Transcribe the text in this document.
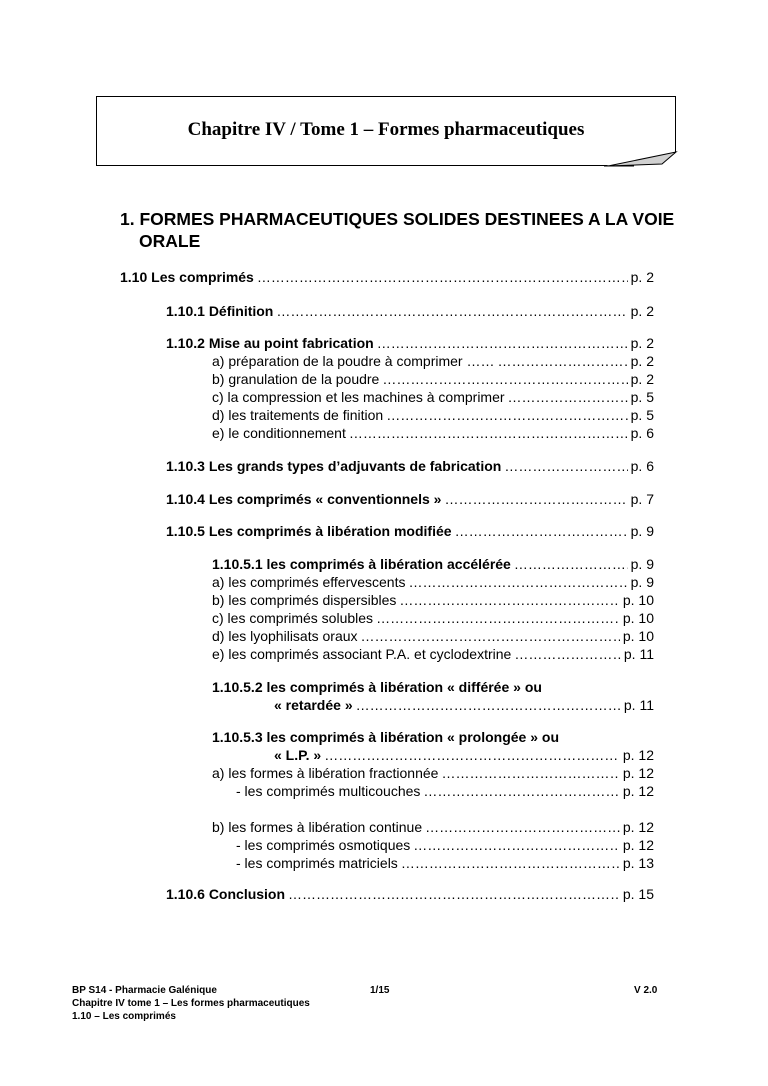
Chapitre IV / Tome 1 – Formes pharmaceutiques
1. FORMES PHARMACEUTIQUES SOLIDES DESTINEES A LA VOIE
ORALE
1.10 Les comprimés ……………………………………………………………………………………………………………………………………………………	p. 2
1.10.1 Définition ……………………………………………………………………………………………………………………………………………………	p. 2
1.10.2 Mise au point fabrication ……………………………………………………………………………………………………………………………………………………	p. 2
a) préparation de la poudre à comprimer …… ……………………………………………………………………………………………………………………………………………………	p. 2
b) granulation de la poudre ……………………………………………………………………………………………………………………………………………………	p. 2
c) la compression et les machines à comprimer ……………………………………………………………………………………………………………………………………………………	p. 5
d) les traitements de finition ……………………………………………………………………………………………………………………………………………………	p. 5
e) le conditionnement ……………………………………………………………………………………………………………………………………………………	p. 6
1.10.3 Les grands types d’adjuvants de fabrication ……………………………………………………………………………………………………………………………………………………	p. 6
1.10.4 Les comprimés « conventionnels » ……………………………………………………………………………………………………………………………………………………	p. 7
1.10.5 Les comprimés à libération modifiée ……………………………………………………………………………………………………………………………………………………	p. 9
1.10.5.1 les comprimés à libération accélérée ……………………………………………………………………………………………………………………………………………………	p. 9
a) les comprimés effervescents ……………………………………………………………………………………………………………………………………………………	p. 9
b) les comprimés dispersibles ……………………………………………………………………………………………………………………………………………………	p. 10
c) les comprimés solubles ……………………………………………………………………………………………………………………………………………………	p. 10
d) les lyophilisats oraux ……………………………………………………………………………………………………………………………………………………	p. 10
e) les comprimés associant P.A. et cyclodextrine ……………………………………………………………………………………………………………………………………………………	p. 11
1.10.5.2 les comprimés à libération « différée » ou
« retardée » ……………………………………………………………………………………………………………………………………………………	p. 11
1.10.5.3 les comprimés à libération « prolongée » ou
« L.P. » ……………………………………………………………………………………………………………………………………………………	p. 12
a) les formes à libération fractionnée ……………………………………………………………………………………………………………………………………………………	p. 12
- les comprimés multicouches ……………………………………………………………………………………………………………………………………………………	p. 12
b) les formes à libération continue ……………………………………………………………………………………………………………………………………………………	p. 12
- les comprimés osmotiques ……………………………………………………………………………………………………………………………………………………	p. 12
- les comprimés matriciels ……………………………………………………………………………………………………………………………………………………	p. 13
1.10.6 Conclusion ……………………………………………………………………………………………………………………………………………………	p. 15
BP S14 - Pharmacie Galénique
Chapitre IV tome 1 – Les formes pharmaceutiques
1.10 – Les comprimés
1/15	V 2.0
